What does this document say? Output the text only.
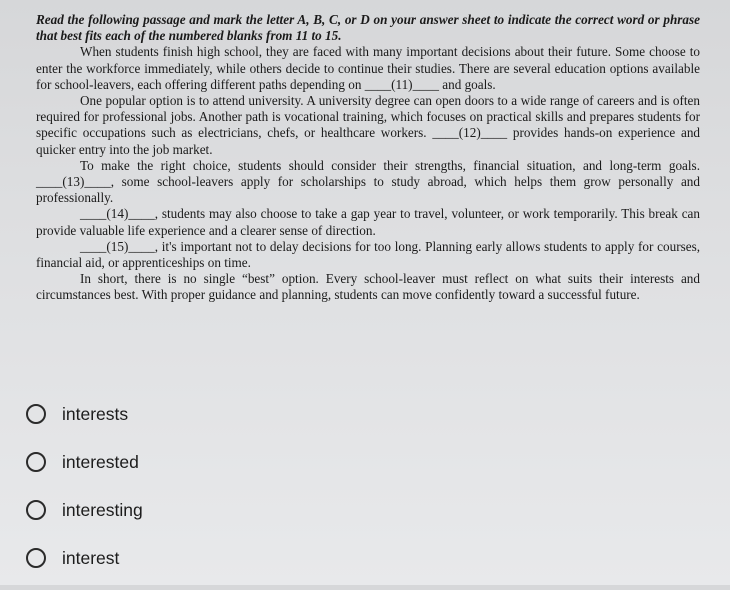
Read the following passage and mark the letter A, B, C, or D on your answer sheet to indicate the correct word or phrase that best fits each of the numbered blanks from 11 to 15.

When students finish high school, they are faced with many important decisions about their future. Some choose to enter the workforce immediately, while others decide to continue their studies. There are several education options available for school-leavers, each offering different paths depending on ____(11)____ and goals.

One popular option is to attend university. A university degree can open doors to a wide range of careers and is often required for professional jobs. Another path is vocational training, which focuses on practical skills and prepares students for specific occupations such as electricians, chefs, or healthcare workers. ____(12)____ provides hands-on experience and quicker entry into the job market.

To make the right choice, students should consider their strengths, financial situation, and long-term goals. ____(13)____, some school-leavers apply for scholarships to study abroad, which helps them grow personally and professionally.

____(14)____, students may also choose to take a gap year to travel, volunteer, or work temporarily. This break can provide valuable life experience and a clearer sense of direction.

____(15)____, it's important not to delay decisions for too long. Planning early allows students to apply for courses, financial aid, or apprenticeships on time.

In short, there is no single “best” option. Every school-leaver must reflect on what suits their interests and circumstances best. With proper guidance and planning, students can move confidently toward a successful future.

interests
interested
interesting
interest
